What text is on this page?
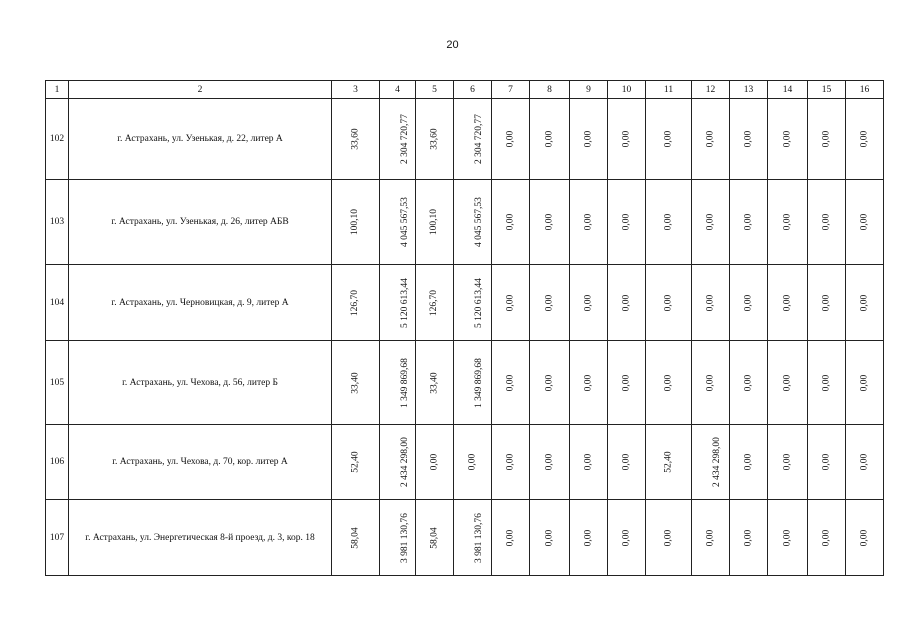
20
1	2	3	4	5	6	7	8	9	10	11	12	13	14	15	16
102	г. Астрахань, ул. Узенькая, д. 22, литер А	33,60	2 304 720,77	33,60	2 304 720,77	0,00	0,00	0,00	0,00	0,00	0,00	0,00	0,00	0,00	0,00
103	г. Астрахань, ул. Узенькая, д. 26, литер АБВ	100,10	4 045 567,53	100,10	4 045 567,53	0,00	0,00	0,00	0,00	0,00	0,00	0,00	0,00	0,00	0,00
104	г. Астрахань, ул. Черновицкая, д. 9, литер А	126,70	5 120 613,44	126,70	5 120 613,44	0,00	0,00	0,00	0,00	0,00	0,00	0,00	0,00	0,00	0,00
105	г. Астрахань, ул. Чехова, д. 56, литер Б	33,40	1 349 869,68	33,40	1 349 869,68	0,00	0,00	0,00	0,00	0,00	0,00	0,00	0,00	0,00	0,00
106	г. Астрахань, ул. Чехова, д. 70, кор. литер А	52,40	2 434 298,00	0,00	0,00	0,00	0,00	0,00	0,00	52,40	2 434 298,00	0,00	0,00	0,00	0,00
107	г. Астрахань, ул. Энергетическая 8-й проезд, д. 3, кор. 18	58,04	3 981 130,76	58,04	3 981 130,76	0,00	0,00	0,00	0,00	0,00	0,00	0,00	0,00	0,00	0,00
